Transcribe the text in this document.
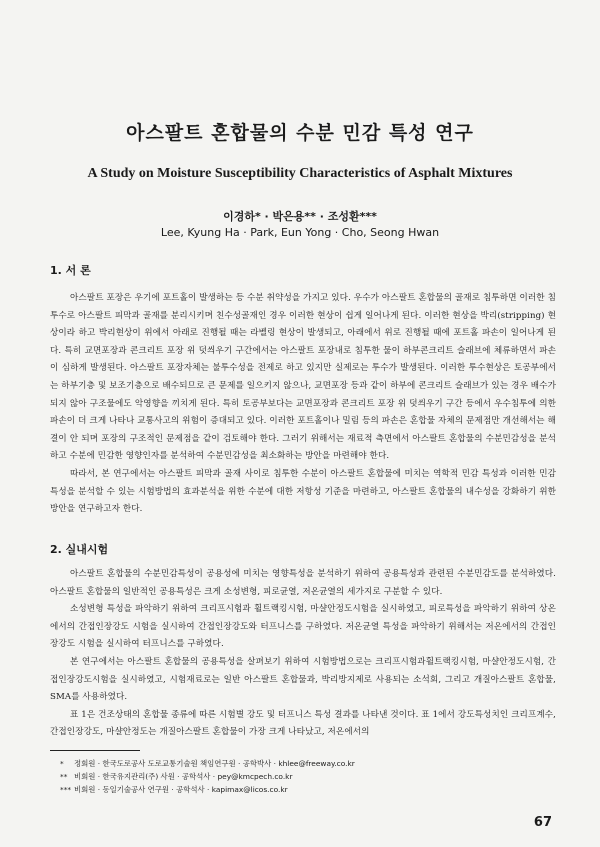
아스팔트 혼합물의 수분 민감 특성 연구
A Study on Moisture Susceptibility Characteristics of Asphalt Mixtures
이경하* · 박은용** · 조성환***
Lee, Kyung Ha · Park, Eun Yong · Cho, Seong Hwan
1. 서 론

아스팔트 포장은 우기에 포트홀이 발생하는 등 수분 취약성을 가지고 있다. 우수가 아스팔트 혼합물의 골재로 침투하면 이러한 침투수로 아스팔트 피막과 골재를 분리시키며 친수성골재인 경우 이러한 현상이 쉽게 일어나게 된다. 이러한 현상을 박리(stripping) 현상이라 하고 박리현상이 위에서 아래로 진행될 때는 라벨링 현상이 발생되고, 아래에서 위로 진행될 때에 포트홀 파손이 일어나게 된다. 특히 교면포장과 콘크리트 포장 위 덧씌우기 구간에서는 아스팔트 포장내로 침투한 물이 하부콘크리트 슬래브에 체류하면서 파손이 심하게 발생된다. 아스팔트 포장자체는 불투수성을 전제로 하고 있지만 실제로는 투수가 발생된다. 이러한 투수현상은 토공부에서는 하부기층 및 보조기층으로 배수되므로 큰 문제를 일으키지 않으나, 교면포장 등과 같이 하부에 콘크리트 슬래브가 있는 경우 배수가 되지 않아 구조물에도 악영향을 끼치게 된다. 특히 토공부보다는 교면포장과 콘크리트 포장 위 덧씌우기 구간 등에서 우수침투에 의한 파손이 더 크게 나타나 교통사고의 위험이 증대되고 있다. 이러한 포트홀이나 밀림 등의 파손은 혼합물 자체의 문제점만 개선해서는 해결이 안 되며 포장의 구조적인 문제점을 같이 검토해야 한다. 그러기 위해서는 재료적 측면에서 아스팔트 혼합물의 수분민감성을 분석하고 수분에 민감한 영향인자를 분석하여 수분민감성을 최소화하는 방안을 마련해야 한다.

따라서, 본 연구에서는 아스팔트 피막과 골재 사이로 침투한 수분이 아스팔트 혼합물에 미치는 역학적 민감 특성과 이러한 민감 특성을 분석할 수 있는 시험방법의 효과분석을 위한 수분에 대한 저항성 기준을 마련하고, 아스팔트 혼합물의 내수성을 강화하기 위한 방안을 연구하고자 한다.

2. 실내시험

아스팔트 혼합물의 수분민감특성이 공용성에 미치는 영향특성을 분석하기 위하여 공용특성과 관련된 수분민감도를 분석하였다. 아스팔트 혼합물의 일반적인 공용특성은 크게 소성변형, 피로균열, 저온균열의 세가지로 구분할 수 있다.

소성변형 특성을 파악하기 위하여 크리프시험과 휠트랙킹시험, 마샬안정도시험을 실시하였고, 피로특성을 파악하기 위하여 상온에서의 간접인장강도 시험을 실시하여 간접인장강도와 터프니스를 구하였다. 저온균열 특성을 파악하기 위해서는 저온에서의 간접인장강도 시험을 실시하여 터프니스를 구하였다.

본 연구에서는 아스팔트 혼합물의 공용특성을 살펴보기 위하여 시험방법으로는 크리프시험과휠트랙킹시험, 마샬안정도시험, 간접인장강도시험을 실시하였고, 시험재료로는 일반 아스팔트 혼합물과, 박리방지제로 사용되는 소석회, 그리고 개질아스팔트 혼합물, SMA를 사용하였다.

표 1은 건조상태의 혼합물 종류에 따른 시험별 강도 및 터프니스 특성 결과를 나타낸 것이다. 표 1에서 강도특성치인 크리프계수, 간접인장강도, 마샬안정도는 개질아스팔트 혼합물이 가장 크게 나타났고, 저온에서의

* 정회원 · 한국도로공사 도로교통기술원 책임연구원 · 공학박사 · khlee@freeway.co.kr
** 비회원 · 한국유지관리(주) 사원 · 공학석사 · pey@kmcpech.co.kr
*** 비회원 · 동일기술공사 연구원 · 공학석사 · kapimax@licos.co.kr
67
